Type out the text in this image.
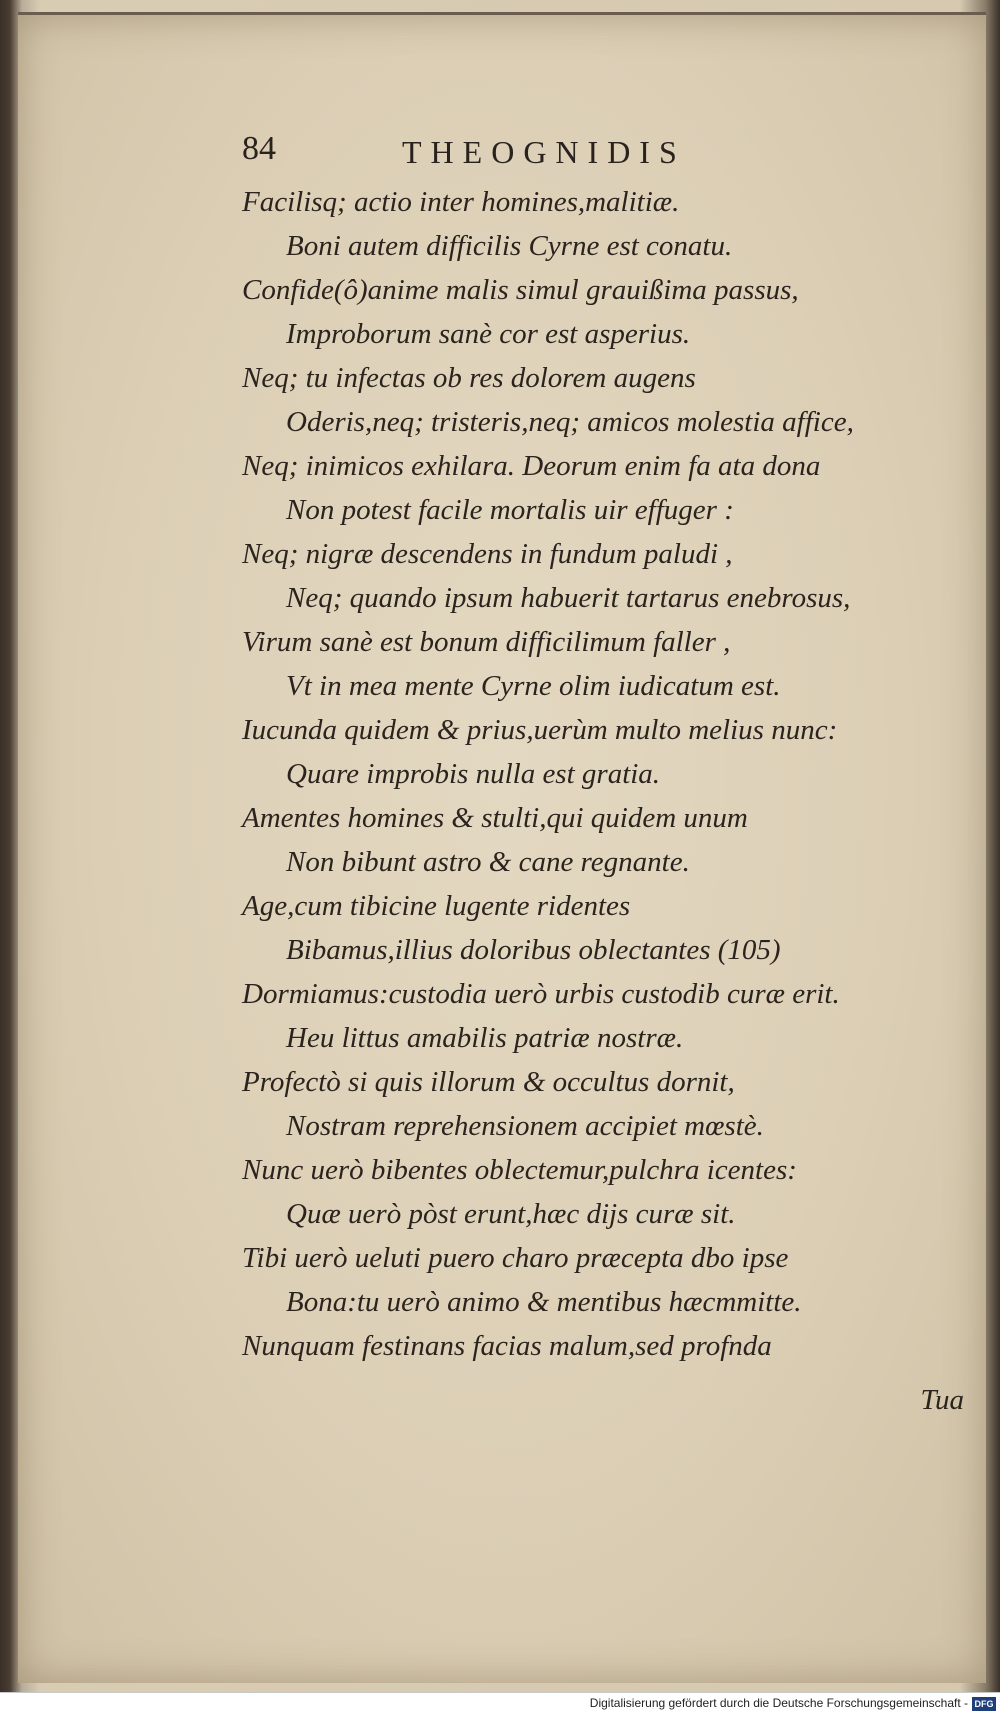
84	THEOGNIDIS
Facilisq; actio inter homines,malitiæ.
Boni autem difficilis Cyrne est conatu.
Confide(ô)anime malis simul grauißima passus,
Improborum sanè cor est asperius.
Neq; tu infectas ob res dolorem augens
Oderis,neq; tristeris,neq; amicos molestia affice,
Neq; inimicos exhilara. Deorum enim fa ata dona
Non potest facile mortalis uir effuger :
Neq; nigræ descendens in fundum paludi ,
Neq; quando ipsum habuerit tartarus enebrosus,
Virum sanè est bonum difficilimum faller ,
Vt in mea mente Cyrne olim iudicatum est.
Iucunda quidem & prius,uerùm multo melius nunc:
Quare improbis nulla est gratia.
Amentes homines & stulti,qui quidem unum
Non bibunt astro & cane regnante.
Age,cum tibicine lugente ridentes
Bibamus,illius doloribus oblectantes (105)
Dormiamus:custodia uerò urbis custodib curæ erit.
Heu littus amabilis patriæ nostræ.
Profectò si quis illorum & occultus dornit,
Nostram reprehensionem accipiet mœstè.
Nunc uerò bibentes oblectemur,pulchra icentes:
Quæ uerò pòst erunt,hæc dijs curæ sit.
Tibi uerò ueluti puero charo præcepta dbo ipse
Bona:tu uerò animo & mentibus hæcmmitte.
Nunquam festinans facias malum,sed profnda
Tua
Digitalisierung gefördert durch die Deutsche Forschungsgemeinschaft - DFG
